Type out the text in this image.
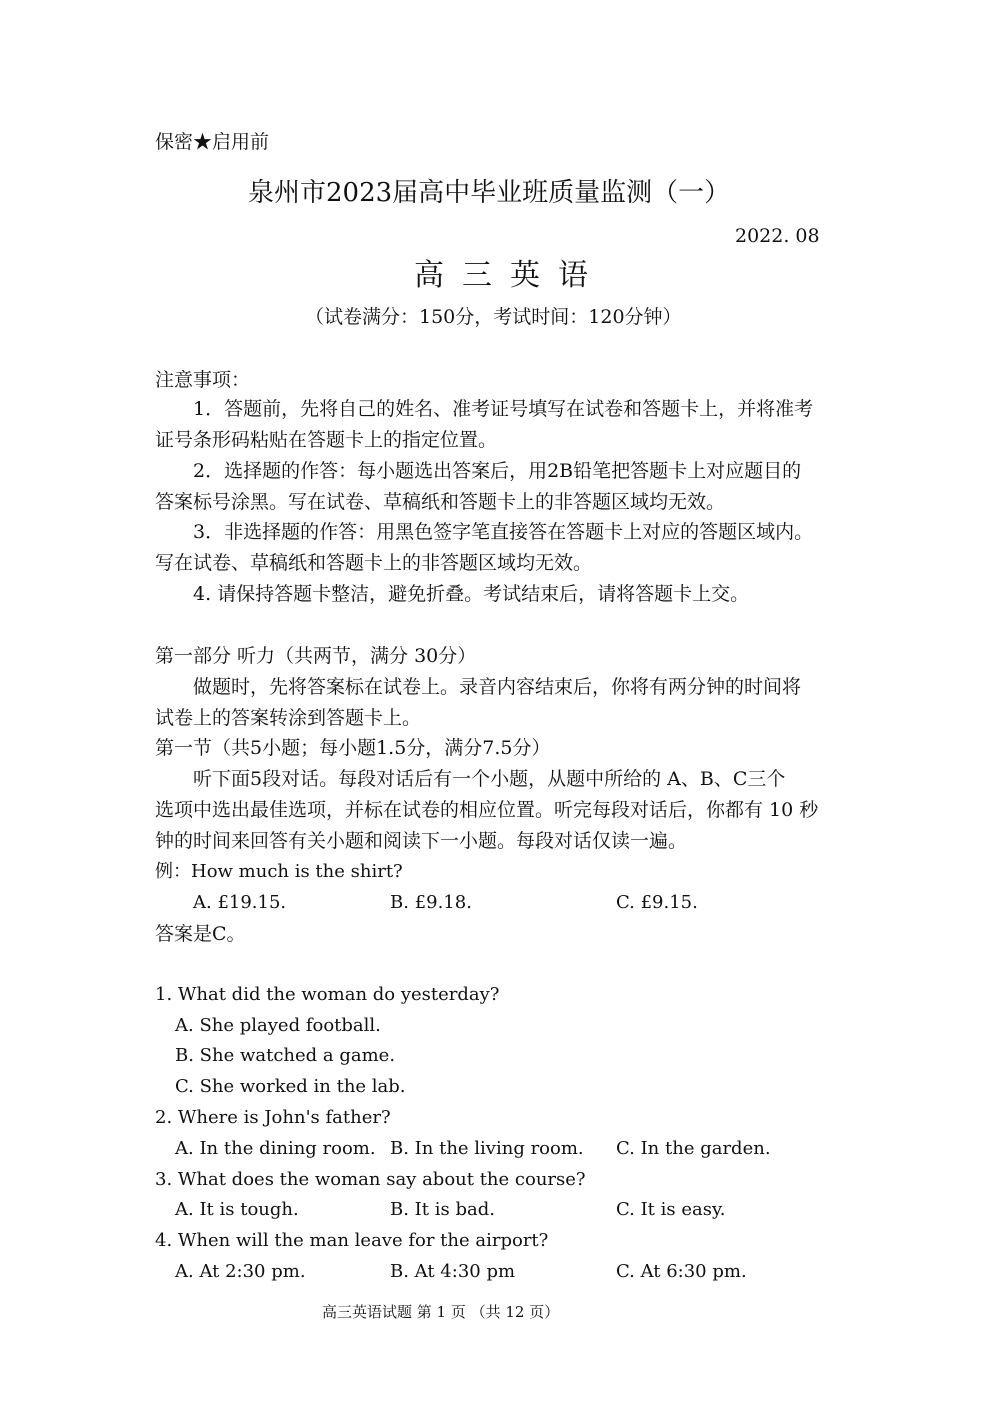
保密★启用前
泉州市2023届高中毕业班质量监测（一）
2022. 08
高三英语
（试卷满分：150分，考试时间：120分钟）
注意事项：
1．答题前，先将自己的姓名、准考证号填写在试卷和答题卡上，并将准考
证号条形码粘贴在答题卡上的指定位置。
2．选择题的作答：每小题选出答案后，用2B铅笔把答题卡上对应题目的
答案标号涂黑。写在试卷、草稿纸和答题卡上的非答题区域均无效。
3．非选择题的作答：用黑色签字笔直接答在答题卡上对应的答题区域内。
写在试卷、草稿纸和答题卡上的非答题区域均无效。
4. 请保持答题卡整洁，避免折叠。考试结束后，请将答题卡上交。
第一部分 听力（共两节，满分 30分）
做题时，先将答案标在试卷上。录音内容结束后，你将有两分钟的时间将
试卷上的答案转涂到答题卡上。
第一节（共5小题；每小题1.5分，满分7.5分）
听下面5段对话。每段对话后有一个小题，从题中所给的 A、B、C三个
选项中选出最佳选项，并标在试卷的相应位置。听完每段对话后，你都有 10 秒
钟的时间来回答有关小题和阅读下一小题。每段对话仅读一遍。
例：How much is the shirt?
A. £19.15.	B. £9.18.	C. £9.15.
答案是C。
1. What did the woman do yesterday?
A. She played football.
B. She watched a game.
C. She worked in the lab.
2. Where is John's father?
A. In the dining room. B. In the living room. C. In the garden.
3. What does the woman say about the course?
A. It is tough.	B. It is bad.	C. It is easy.
4. When will the man leave for the airport?
A. At 2:30 pm.	B. At 4:30 pm	C. At 6:30 pm.
高三英语试题 第 1 页 （共 12 页）
